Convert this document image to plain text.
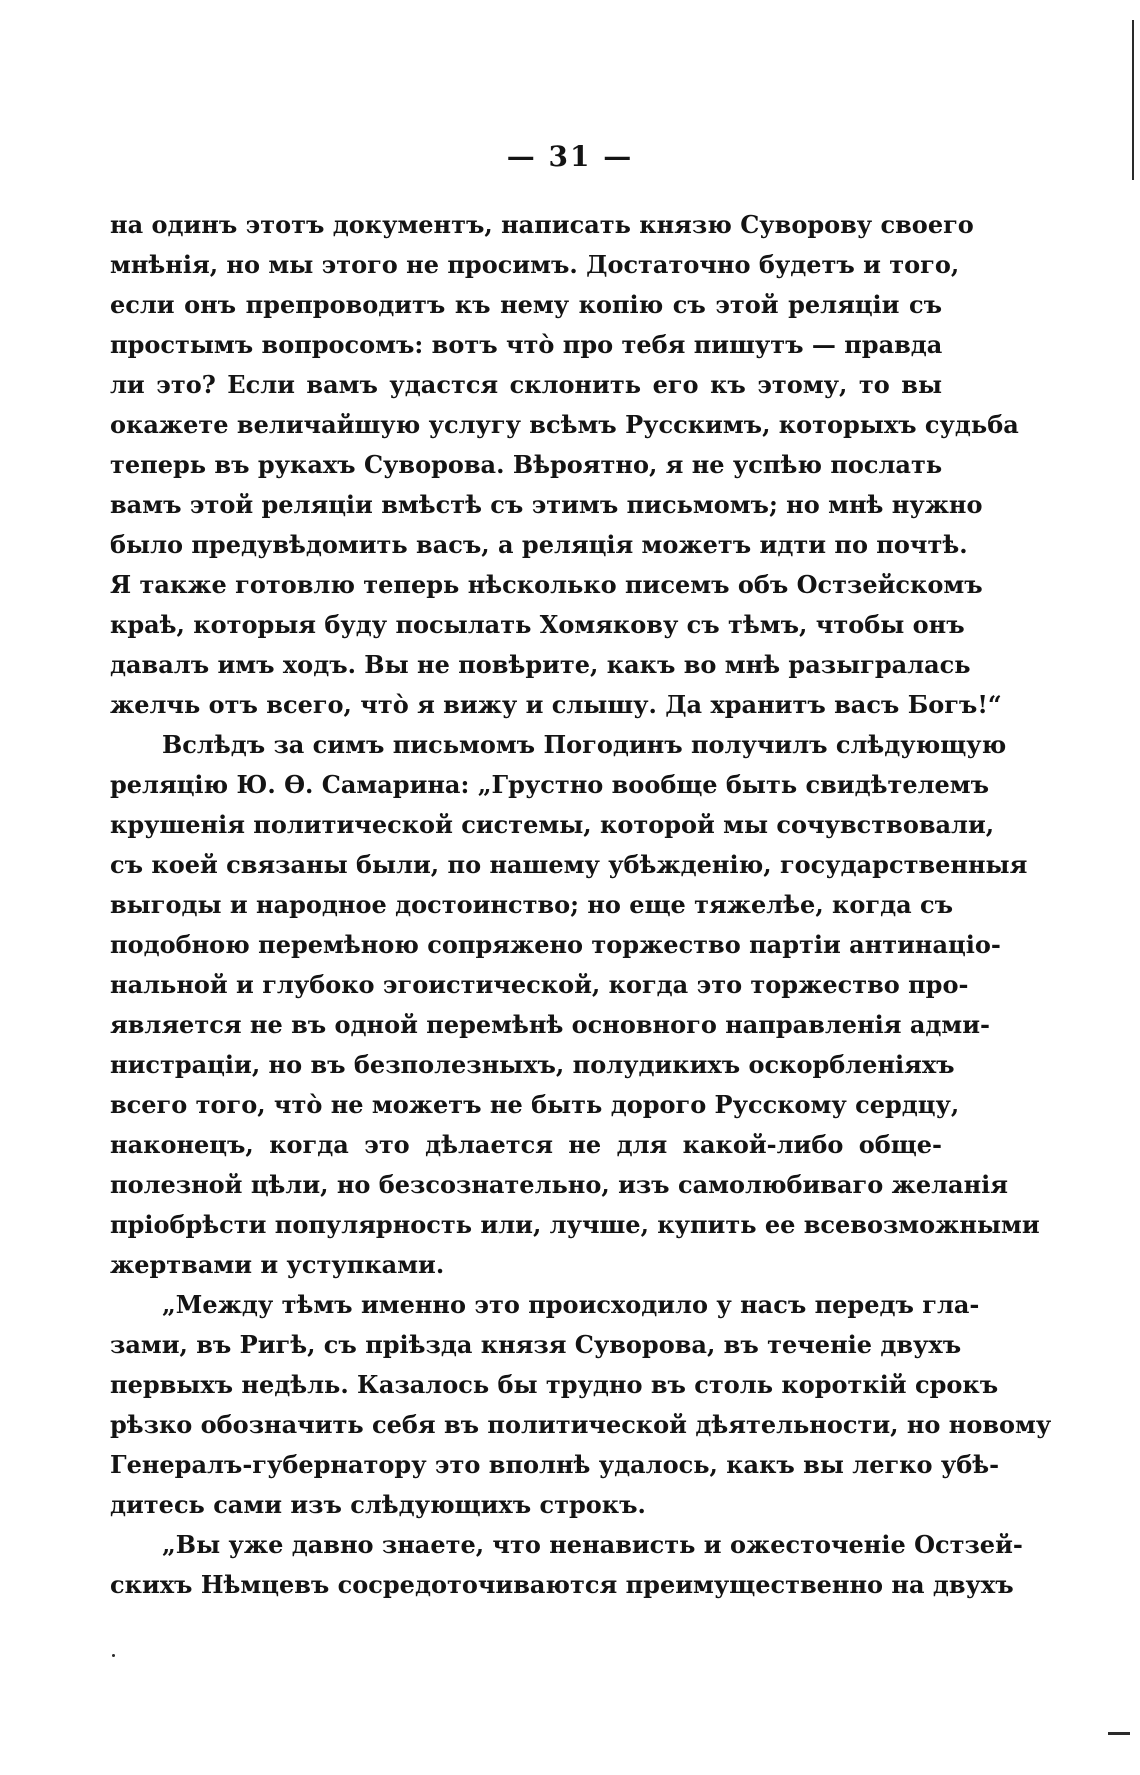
— 31 —
на одинъ этотъ документъ, написать князю Суворову своего
мнѣнія, но мы этого не просимъ. Достаточно будетъ и того,
если онъ препроводитъ къ нему копію съ этой реляціи съ
простымъ вопросомъ: вотъ что̀ про тебя пишутъ — правда
ли это? Если вамъ удастся склонить его къ этому, то вы
окажете величайшую услугу всѣмъ Русскимъ, которыхъ судьба
теперь въ рукахъ Суворова. Вѣроятно, я не успѣю послать
вамъ этой реляціи вмѣстѣ съ этимъ письмомъ; но мнѣ нужно
было предувѣдомить васъ, а реляція можетъ идти по почтѣ.
Я также готовлю теперь нѣсколько писемъ объ Остзейскомъ
краѣ, которыя буду посылать Хомякову съ тѣмъ, чтобы онъ
давалъ имъ ходъ. Вы не повѣрите, какъ во мнѣ разыгралась
желчь отъ всего, что̀ я вижу и слышу. Да хранитъ васъ Богъ!“
Вслѣдъ за симъ письмомъ Погодинъ получилъ слѣдующую
реляцію Ю. Ѳ. Самарина: „Грустно вообще быть свидѣтелемъ
крушенія политической системы, которой мы сочувствовали,
съ коей связаны были, по нашему убѣжденію, государственныя
выгоды и народное достоинство; но еще тяжелѣе, когда съ
подобною перемѣною сопряжено торжество партіи антинаціо-
нальной и глубоко эгоистической, когда это торжество про-
является не въ одной перемѣнѣ основного направленія адми-
нистраціи, но въ безполезныхъ, полудикихъ оскорбленіяхъ
всего того, что̀ не можетъ не быть дорого Русскому сердцу,
наконецъ, когда это дѣлается не для какой-либо обще-
полезной цѣли, но безсознательно, изъ самолюбиваго желанія
пріобрѣсти популярность или, лучше, купить ее всевозможными
жертвами и уступками.
„Между тѣмъ именно это происходило у насъ передъ гла-
зами, въ Ригѣ, съ пріѣзда князя Суворова, въ теченіе двухъ
первыхъ недѣль. Казалось бы трудно въ столь короткій срокъ
рѣзко обозначить себя въ политической дѣятельности, но новому
Генералъ-губернатору это вполнѣ удалось, какъ вы легко убѣ-
дитесь сами изъ слѣдующихъ строкъ.
„Вы уже давно знаете, что ненависть и ожесточеніе Остзей-
скихъ Нѣмцевъ сосредоточиваются преимущественно на двухъ
